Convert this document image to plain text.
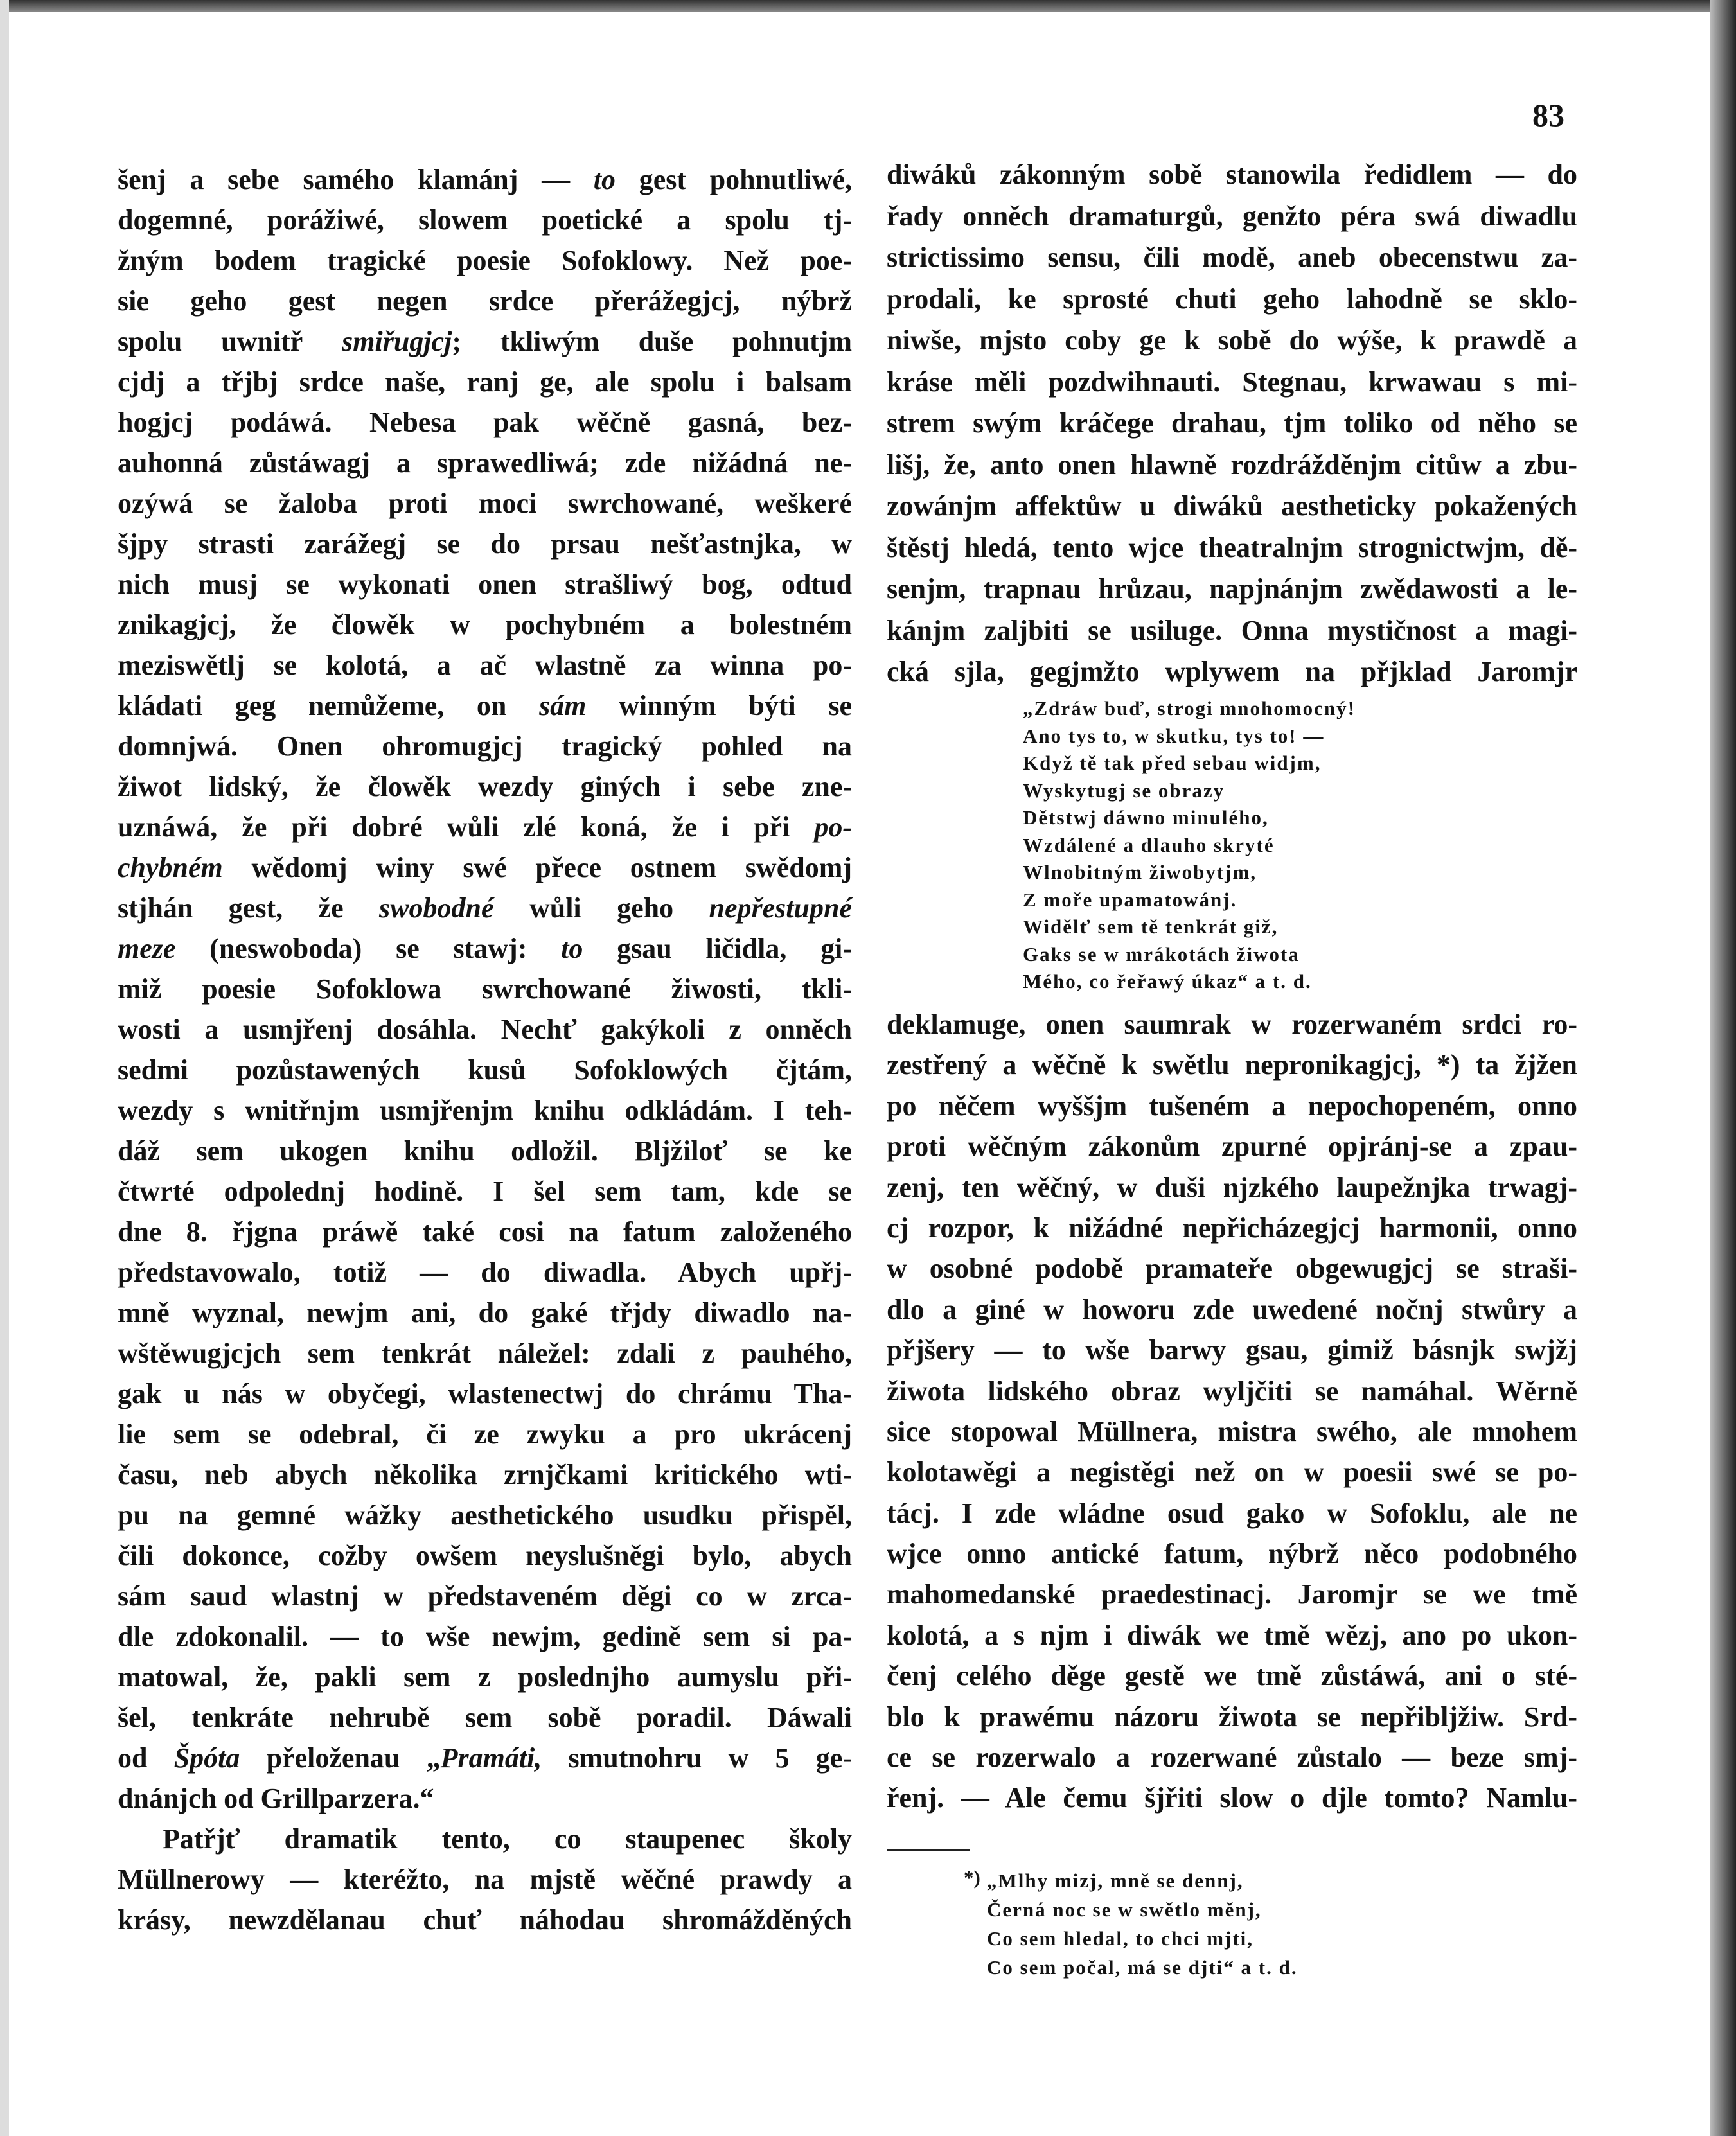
83
šenj a sebe samého klamánj — to gest pohnutliwé,
dogemné, porážiwé, slowem poetické a spolu tj-
žným bodem tragické poesie Sofoklowy. Než poe-
sie geho gest negen srdce přerážegjcj, nýbrž
spolu uwnitř smiřugjcj; tkliwým duše pohnutjm
cjdj a třjbj srdce naše, ranj ge, ale spolu i balsam
hogjcj podáwá. Nebesa pak wěčně gasná, bez-
auhonná zůstáwagj a sprawedliwá; zde nižádná ne-
ozýwá se žaloba proti moci swrchowané, weškeré
šjpy strasti zarážegj se do prsau nešťastnjka, w
nich musj se wykonati onen strašliwý bog, odtud
znikagjcj, že člowěk w pochybném a bolestném
meziswětlj se kolotá, a ač wlastně za winna po-
kládati geg nemůžeme, on sám winným býti se
domnjwá. Onen ohromugjcj tragický pohled na
žiwot lidský, že člowěk wezdy giných i sebe zne-
uznáwá, že při dobré wůli zlé koná, že i při po-
chybném wědomj winy swé přece ostnem swědomj
stjhán gest, že swobodné wůli geho nepřestupné
meze (neswoboda) se stawj: to gsau ličidla, gi-
miž poesie Sofoklowa swrchowané žiwosti, tkli-
wosti a usmjřenj dosáhla. Nechť gakýkoli z onněch
sedmi pozůstawených kusů Sofoklowých čjtám,
wezdy s wnitřnjm usmjřenjm knihu odkládám. I teh-
dáž sem ukogen knihu odložil. Bljžiloť se ke
čtwrté odpolednj hodině. I šel sem tam, kde se
dne 8. řjgna práwě také cosi na fatum založeného
představowalo, totiž — do diwadla. Abych upřj-
mně wyznal, newjm ani, do gaké třjdy diwadlo na-
wštěwugjcjch sem tenkrát náležel: zdali z pauhého,
gak u nás w obyčegi, wlastenectwj do chrámu Tha-
lie sem se odebral, či ze zwyku a pro ukrácenj
času, neb abych několika zrnjčkami kritického wti-
pu na gemné wážky aesthetického usudku přispěl,
čili dokonce, cožby owšem neyslušněgi bylo, abych
sám saud wlastnj w představeném děgi co w zrca-
dle zdokonalil. — to wše newjm, gedině sem si pa-
matowal, že, pakli sem z poslednjho aumyslu při-
šel, tenkráte nehrubě sem sobě poradil. Dáwali
od Špóta přeloženau „Pramáti, smutnohru w 5 ge-
dnánjch od Grillparzera.“
Patřjť dramatik tento, co staupenec školy
Müllnerowy — kteréžto, na mjstě wěčné prawdy a
krásy, newzdělanau chuť náhodau shromážděných
diwáků zákonným sobě stanowila ředidlem — do
řady onněch dramaturgů, genžto péra swá diwadlu
strictissimo sensu, čili modě, aneb obecenstwu za-
prodali, ke sprosté chuti geho lahodně se sklo-
niwše, mjsto coby ge k sobě do wýše, k prawdě a
kráse měli pozdwihnauti. Stegnau, krwawau s mi-
strem swým kráčege drahau, tjm toliko od něho se
lišj, že, anto onen hlawně rozdrážděnjm citůw a zbu-
zowánjm affektůw u diwáků aestheticky pokažených
štěstj hledá, tento wjce theatralnjm strognictwjm, dě-
senjm, trapnau hrůzau, napjnánjm zwědawosti a le-
kánjm zaljbiti se usiluge. Onna mystičnost a magi-
cká sjla, gegjmžto wplywem na přjklad Jaromjr
„Zdráw buď, strogi mnohomocný!
Ano tys to, w skutku, tys to! —
Když tě tak před sebau widjm,
Wyskytugj se obrazy
Dětstwj dáwno minulého,
Wzdálené a dlauho skryté
Wlnobitným žiwobytjm,
Z moře upamatowánj.
Widělť sem tě tenkrát giž,
Gaks se w mrákotách žiwota
Mého, co řeřawý úkaz“ a t. d.
deklamuge, onen saumrak w rozerwaném srdci ro-
zestřený a wěčně k swětlu nepronikagjcj, *) ta žjžen
po něčem wyššjm tušeném a nepochopeném, onno
proti wěčným zákonům zpurné opjránj-se a zpau-
zenj, ten wěčný, w duši njzkého laupežnjka trwagj-
cj rozpor, k nižádné nepřicházegjcj harmonii, onno
w osobné podobě pramateře obgewugjcj se straši-
dlo a giné w howoru zde uwedené nočnj stwůry a
přjšery — to wše barwy gsau, gimiž básnjk swjžj
žiwota lidského obraz wyljčiti se namáhal. Wěrně
sice stopowal Müllnera, mistra swého, ale mnohem
kolotawěgi a negistěgi než on w poesii swé se po-
tácj. I zde wládne osud gako w Sofoklu, ale ne
wjce onno antické fatum, nýbrž něco podobného
mahomedanské praedestinacj. Jaromjr se we tmě
kolotá, a s njm i diwák we tmě wězj, ano po ukon-
čenj celého děge gestě we tmě zůstáwá, ani o sté-
blo k prawému názoru žiwota se nepřibljžiw. Srd-
ce se rozerwalo a rozerwané zůstalo — beze smj-
řenj. — Ale čemu šjřiti slow o djle tomto? Namlu-
*) „Mlhy mizj, mně se dennj,
Černá noc se w swětlo měnj,
Co sem hledal, to chci mjti,
Co sem počal, má se djti“ a t. d.
